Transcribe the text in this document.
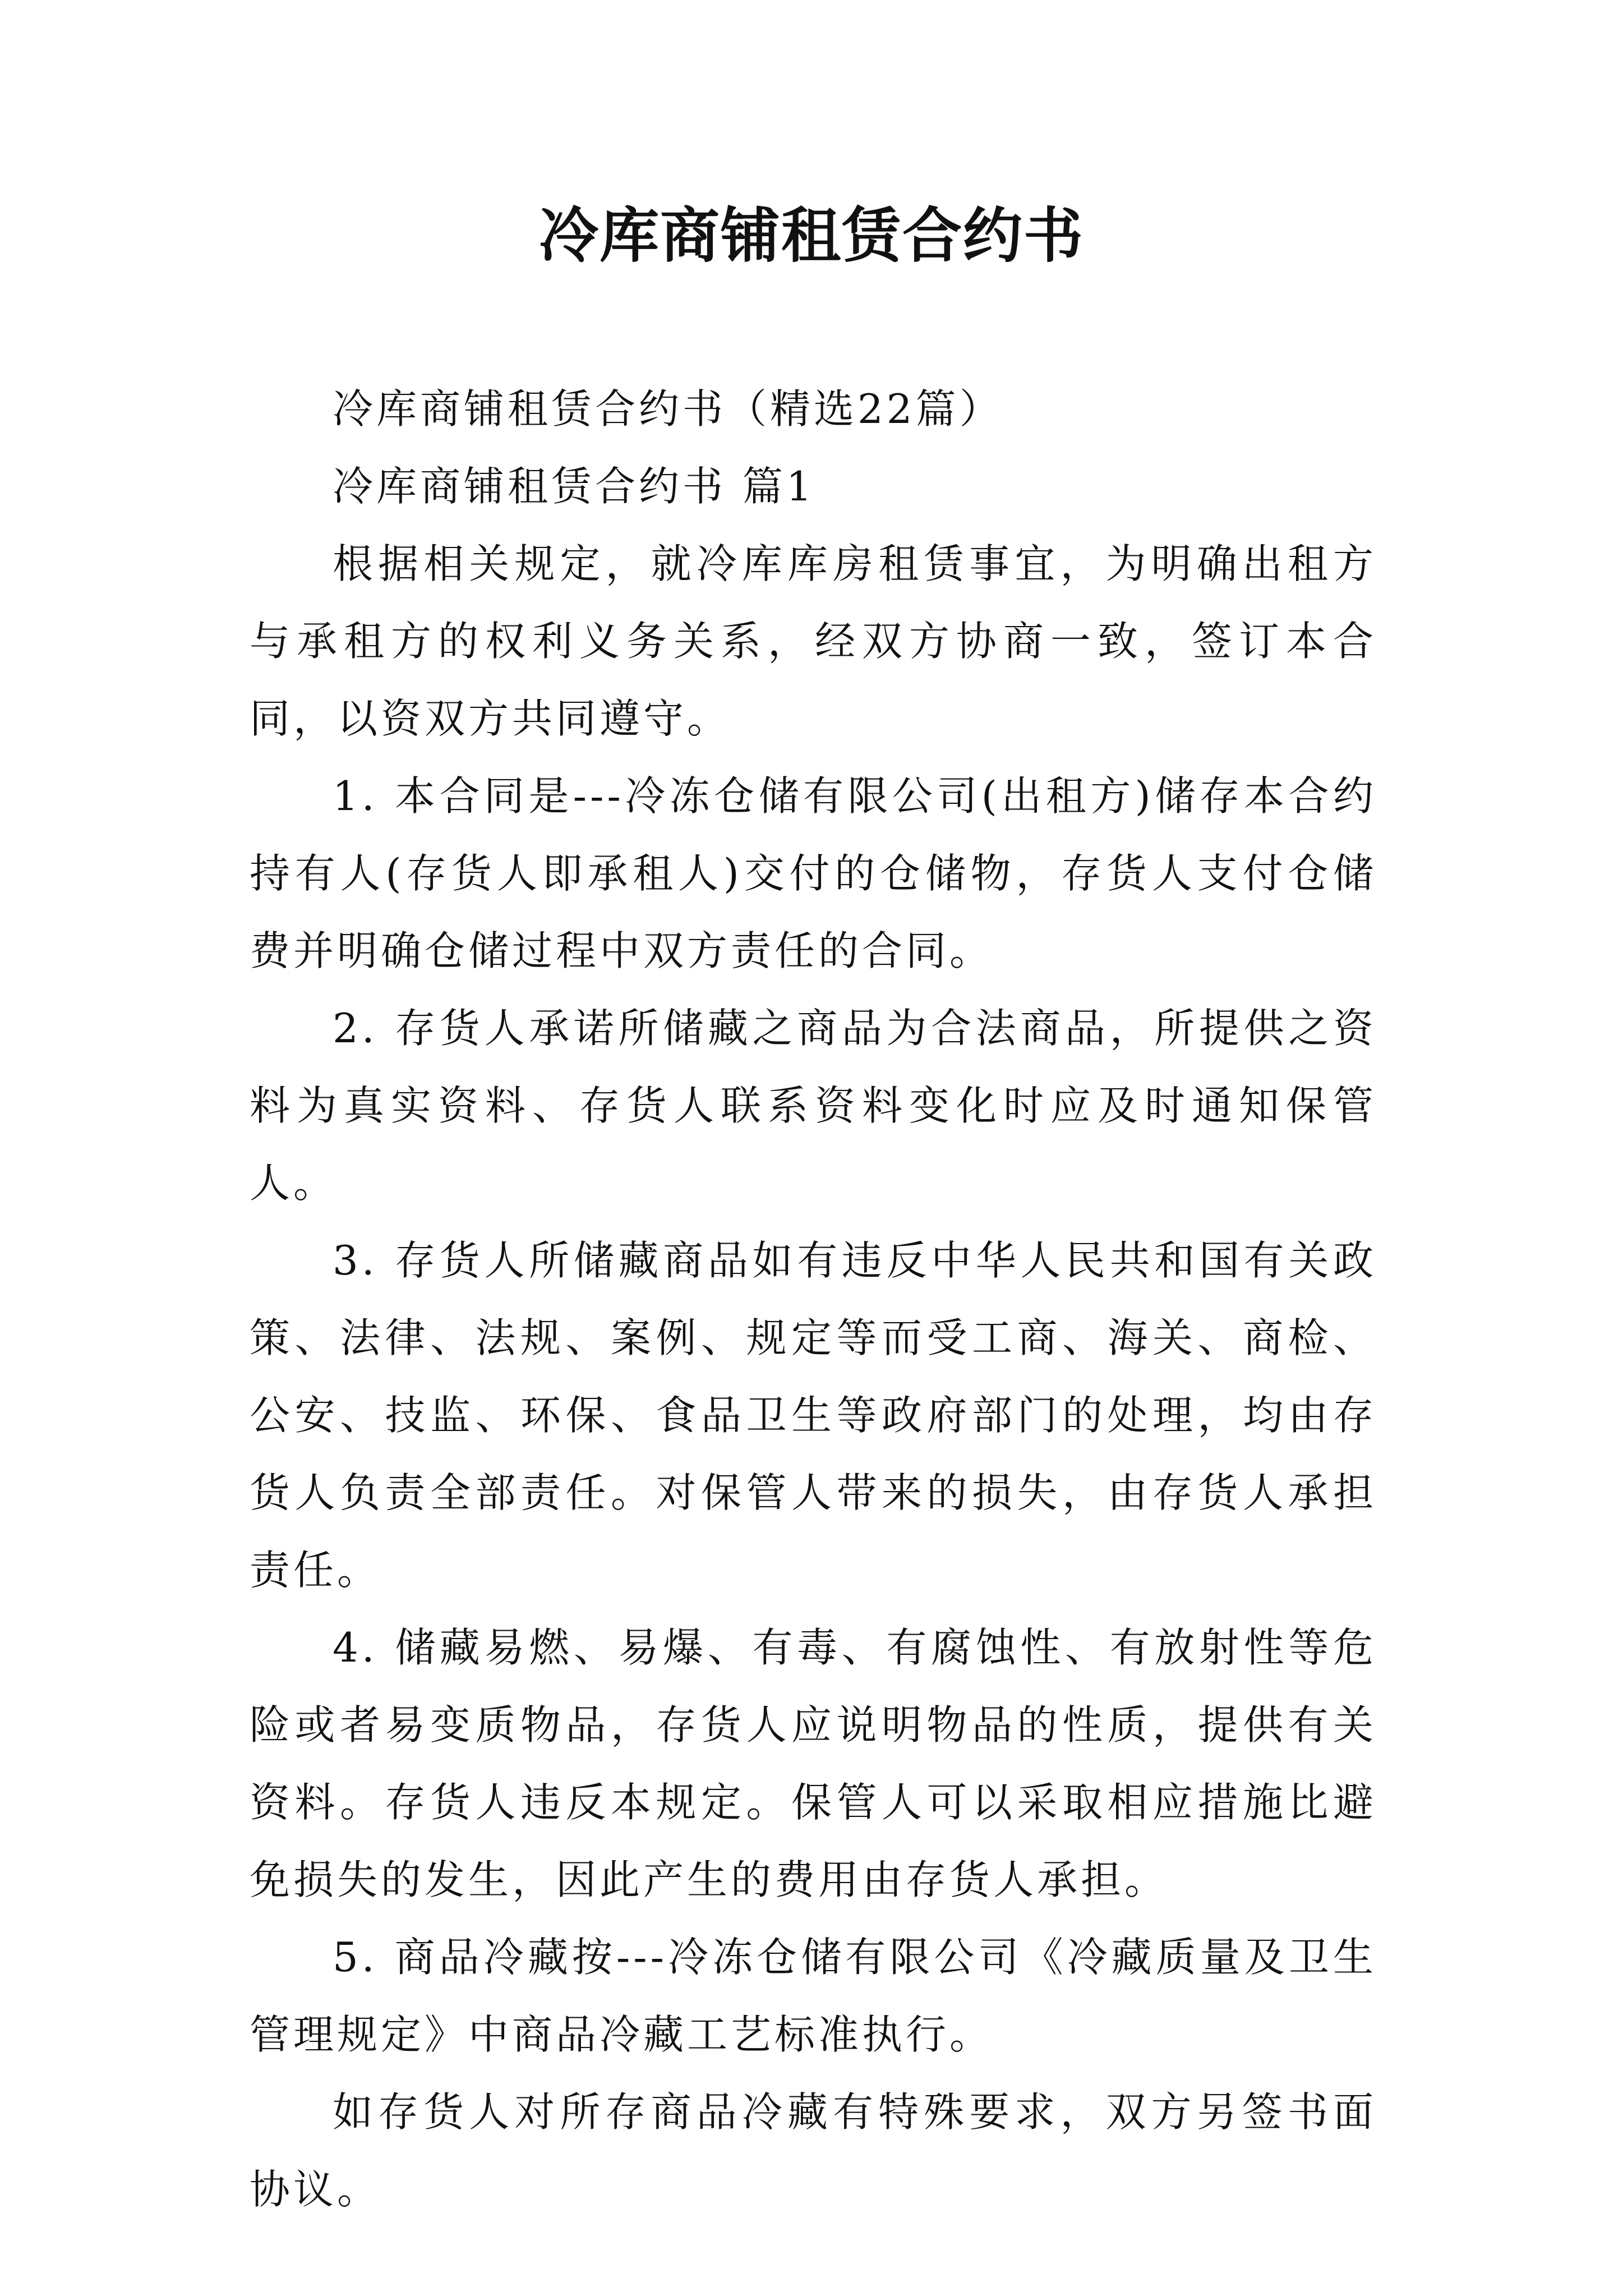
冷库商铺租赁合约书

冷库商铺租赁合约书（精选22篇）

冷库商铺租赁合约书 篇1

根据相关规定，就冷库库房租赁事宜，为明确出租方与承租方的权利义务关系，经双方协商一致，签订本合同，以资双方共同遵守。

1. 本合同是---冷冻仓储有限公司(出租方)储存本合约持有人(存货人即承租人)交付的仓储物，存货人支付仓储费并明确仓储过程中双方责任的合同。

2. 存货人承诺所储藏之商品为合法商品，所提供之资料为真实资料、存货人联系资料变化时应及时通知保管人。

3. 存货人所储藏商品如有违反中华人民共和国有关政策、法律、法规、案例、规定等而受工商、海关、商检、公安、技监、环保、食品卫生等政府部门的处理，均由存货人负责全部责任。对保管人带来的损失，由存货人承担责任。

4. 储藏易燃、易爆、有毒、有腐蚀性、有放射性等危险或者易变质物品，存货人应说明物品的性质，提供有关资料。存货人违反本规定。保管人可以采取相应措施比避免损失的发生，因此产生的费用由存货人承担。

5. 商品冷藏按---冷冻仓储有限公司《冷藏质量及卫生管理规定》中商品冷藏工艺标准执行。

如存货人对所存商品冷藏有特殊要求，双方另签书面协议。
